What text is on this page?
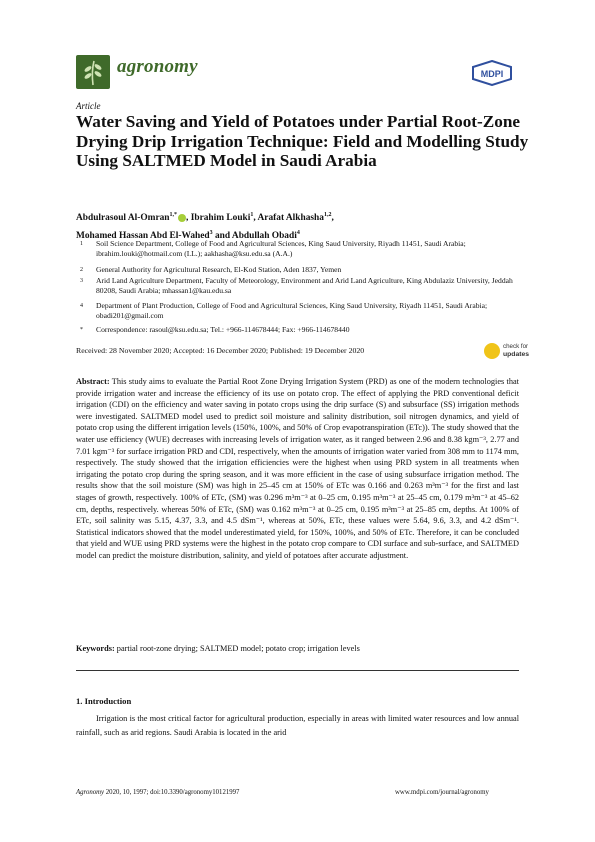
agronomy	MDPI
Article
Water Saving and Yield of Potatoes under Partial Root-Zone Drying Drip Irrigation Technique: Field and Modelling Study Using SALTMED Model in Saudi Arabia
Abdulrasoul Al-Omran$^{1,*}$ , Ibrahim Louki$^1$, Arafat Alkhasha$^{1,2}$,
Mohamed Hassan Abd El-Wahed$^3$ and Abdullah Obadi$^4$
1 Soil Science Department, College of Food and Agricultural Sciences, King Saud University, Riyadh 11451, Saudi Arabia; ibrahim.louki@hotmail.com (I.L.); aakhasha@ksu.edu.sa (A.A.)
2 General Authority for Agricultural Research, El-Kod Station, Aden 1837, Yemen
3 Arid Land Agriculture Department, Faculty of Meteorology, Environment and Arid Land Agriculture, King Abdulaziz University, Jeddah 80208, Saudi Arabia; mhassan1@kau.edu.sa
4 Department of Plant Production, College of Food and Agricultural Sciences, King Saud University, Riyadh 11451, Saudi Arabia; obadi201@gmail.com
* Correspondence: rasoul@ksu.edu.sa; Tel.: +966-114678444; Fax: +966-114678440
Received: 28 November 2020; Accepted: 16 December 2020; Published: 19 December 2020	check for
updates
Abstract: This study aims to evaluate the Partial Root Zone Drying Irrigation System (PRD) as one of the modern technologies that provide irrigation water and increase the efficiency of its use on potato crop. The effect of applying the PRD conventional deficit irrigation (CDI) on the efficiency and water saving in potato crops using the drip surface (S) and subsurface (SS) irrigation methods were investigated. SALTMED model used to predict soil moisture and salinity distribution, soil nitrogen dynamics, and yield of potato crop using the different irrigation levels (150%, 100%, and 50% of Crop evapotranspiration (ETc)). The study showed that the water use efficiency (WUE) decreases with increasing levels of irrigation water, as it ranged between 2.96 and 8.38 kgm⁻³, 2.77 and 7.01 kgm⁻³ for surface irrigation PRD and CDI, respectively, when the amounts of irrigation water varied from 308 mm to 1174 mm, respectively. The study showed that the irrigation efficiencies were the highest when using PRD system in all treatments when irrigating the potato crop during the spring season, and it was more efficient in the case of using subsurface irrigation method. The results show that the soil moisture (SM) was high in 25–45 cm at 150% of ETc was 0.166 and 0.263 m³m⁻³ for the first and last stages of growth, respectively. 100% of ETc, (SM) was 0.296 m³m⁻³ at 0–25 cm, 0.195 m³m⁻³ at 25–45 cm, 0.179 m³m⁻³ at 45–62 cm, depths, respectively. whereas 50% of ETc, (SM) was 0.162 m³m⁻³ at 0–25 cm, 0.195 m³m⁻³ at 25–85 cm, depths. At 100% of ETc, soil salinity was 5.15, 4.37, 3.3, and 4.5 dSm⁻¹, whereas at 50%, ETc, these values were 5.64, 9.6, 3.3, and 4.2 dSm⁻¹. Statistical indicators showed that the model underestimated yield, for 150%, 100%, and 50% of ETc. Therefore, it can be concluded that yield and WUE using PRD systems were the highest in the potato crop compare to CDI surface and sub-surface, and SALTMED model can predict the moisture distribution, salinity, and yield of potatoes after accurate adjustment.
Keywords: partial root-zone drying; SALTMED model; potato crop; irrigation levels
1. Introduction
Irrigation is the most critical factor for agricultural production, especially in areas with limited water resources and low annual rainfall, such as arid regions. Saudi Arabia is located in the arid
Agronomy 2020, 10, 1997; doi:10.3390/agronomy10121997	www.mdpi.com/journal/agronomy
